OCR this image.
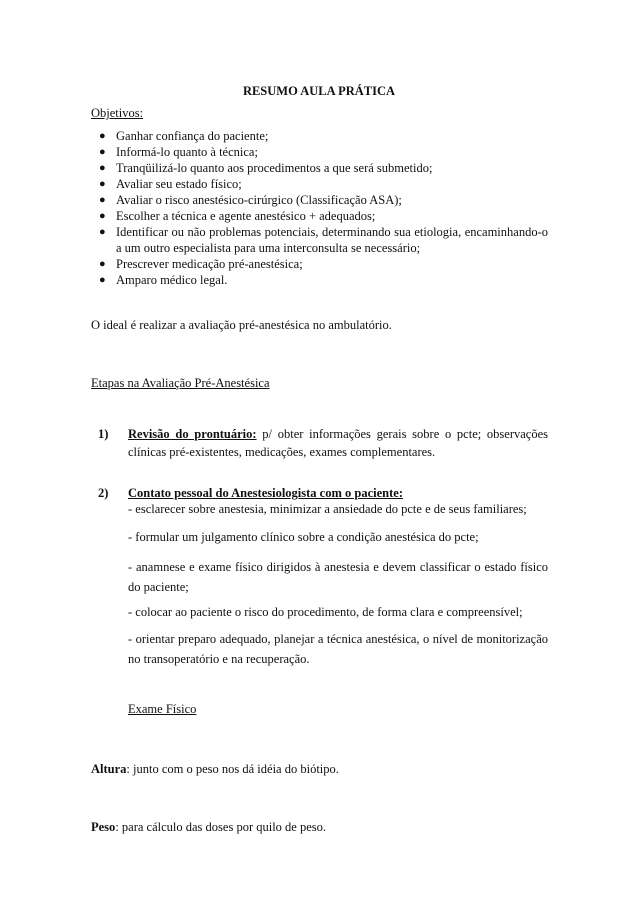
RESUMO AULA PRÁTICA
Objetivos:
● Ganhar confiança do paciente;
● Informá-lo quanto à técnica;
● Tranqüilizá-lo quanto aos procedimentos a que será submetido;
● Avaliar seu estado físico;
● Avaliar o risco anestésico-cirúrgico (Classificação ASA);
● Escolher a técnica e agente anestésico + adequados;
● Identificar ou não problemas potenciais, determinando sua etiologia, encaminhando-o a um outro especialista para uma interconsulta se necessário;
● Prescrever medicação pré-anestésica;
● Amparo médico legal.
O ideal é realizar a avaliação pré-anestésica no ambulatório.
Etapas na Avaliação Pré-Anestésica
1) Revisão do prontuário: p/ obter informações gerais sobre o pcte; observações clínicas pré-existentes, medicações, exames complementares.
2) Contato pessoal do Anestesiologista com o paciente:
- esclarecer sobre anestesia, minimizar a ansiedade do pcte e de seus familiares;
- formular um julgamento clínico sobre a condição anestésica do pcte;
- anamnese e exame físico dirigidos à anestesia e devem classificar o estado físico do paciente;
- colocar ao paciente o risco do procedimento, de forma clara e compreensível;
- orientar preparo adequado, planejar a técnica anestésica, o nível de monitorização no transoperatório e na recuperação.
Exame Físico
Altura: junto com o peso nos dá idéia do biótipo.
Peso: para cálculo das doses por quilo de peso.
